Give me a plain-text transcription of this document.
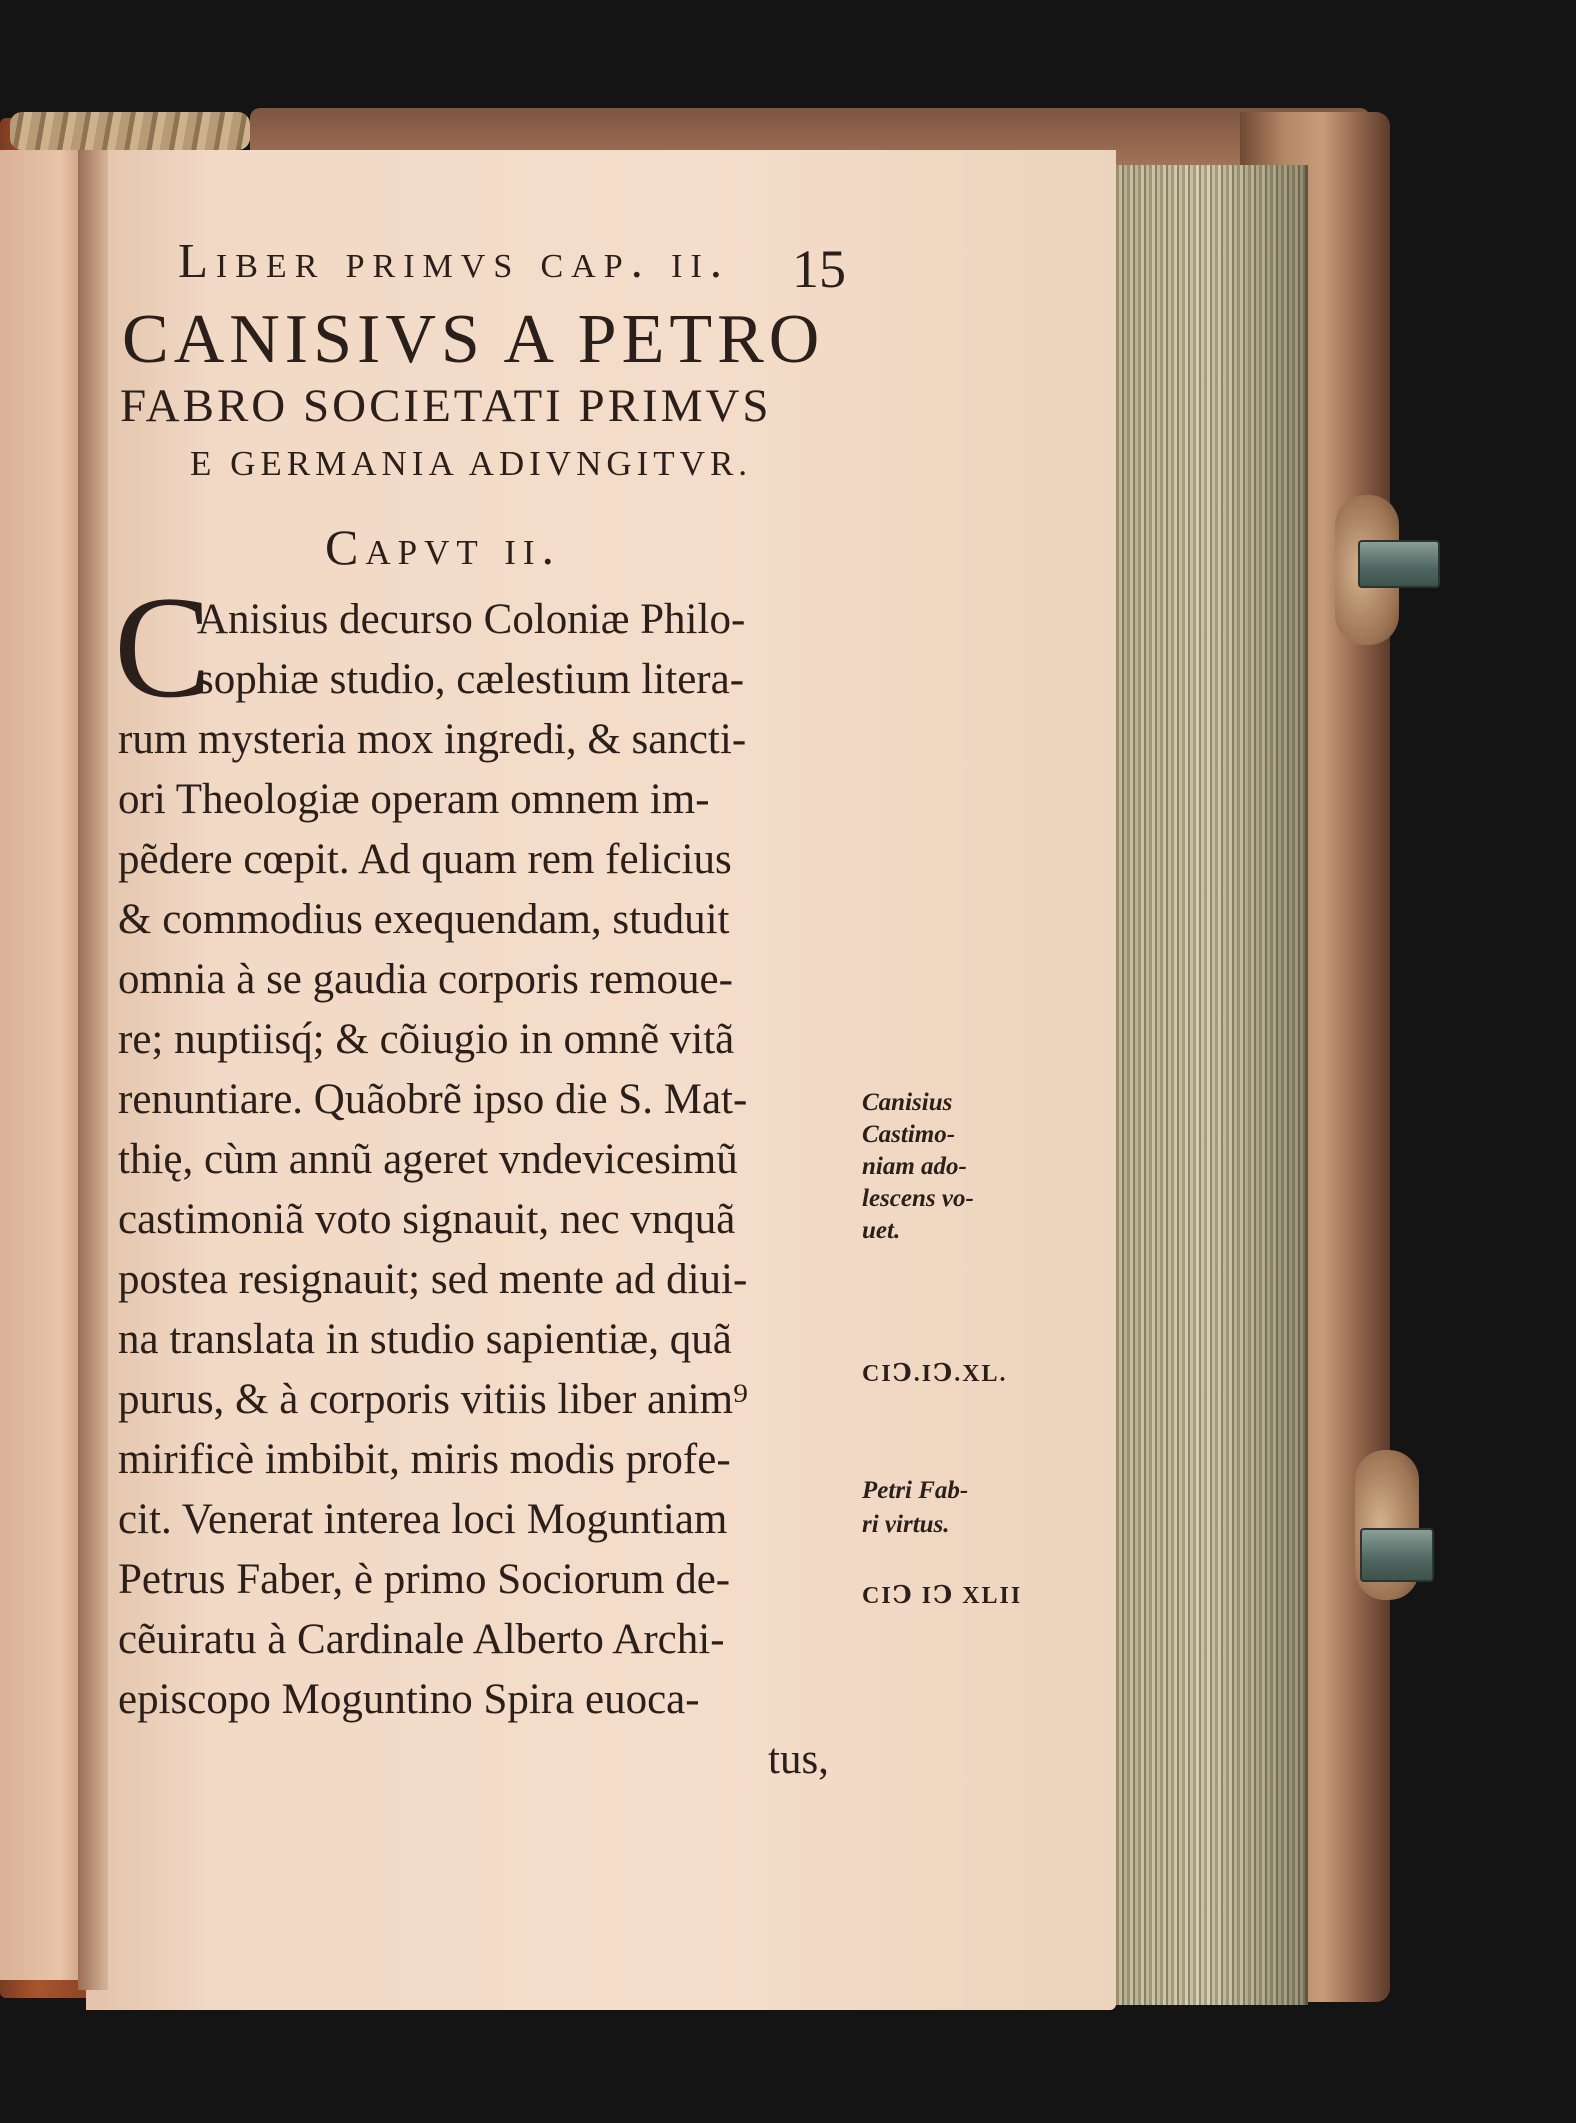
Liber primvs cap. ii. 15
CANISIVS A PETRO
FABRO SOCIETATI PRIMVS
E GERMANIA ADIVNGITVR.
Capvt ii.
C
Anisius decurso Coloniæ Philo-
sophiæ studio, cælestium litera-
rum mysteria mox ingredi, & sancti-
ori Theologiæ operam omnem im-
pẽdere cœpit. Ad quam rem felicius
& commodius exequendam, studuit
omnia à se gaudia corporis remoue-
re; nuptiisq́; & cõiugio in omnẽ vitã
renuntiare. Quãobrẽ ipso die S. Mat-
thię, cùm annũ ageret vndevicesimũ
castimoniã voto signauit, nec vnquã
postea resignauit; sed mente ad diui-
na translata in studio sapientiæ, quã
purus, & à corporis vitiis liber anim⁹
mirificè imbibit, miris modis profe-
cit. Venerat interea loci Moguntiam
Petrus Faber, è primo Sociorum de-
cẽuiratu à Cardinale Alberto Archi-
episcopo Moguntino Spira euoca-
tus,
Canisius
Castimo-
niam ado-
lescens vo-
uet.
CIↃ.IↃ.XL.
Petri Fab-
ri virtus.
CIↃ IↃ XLII
